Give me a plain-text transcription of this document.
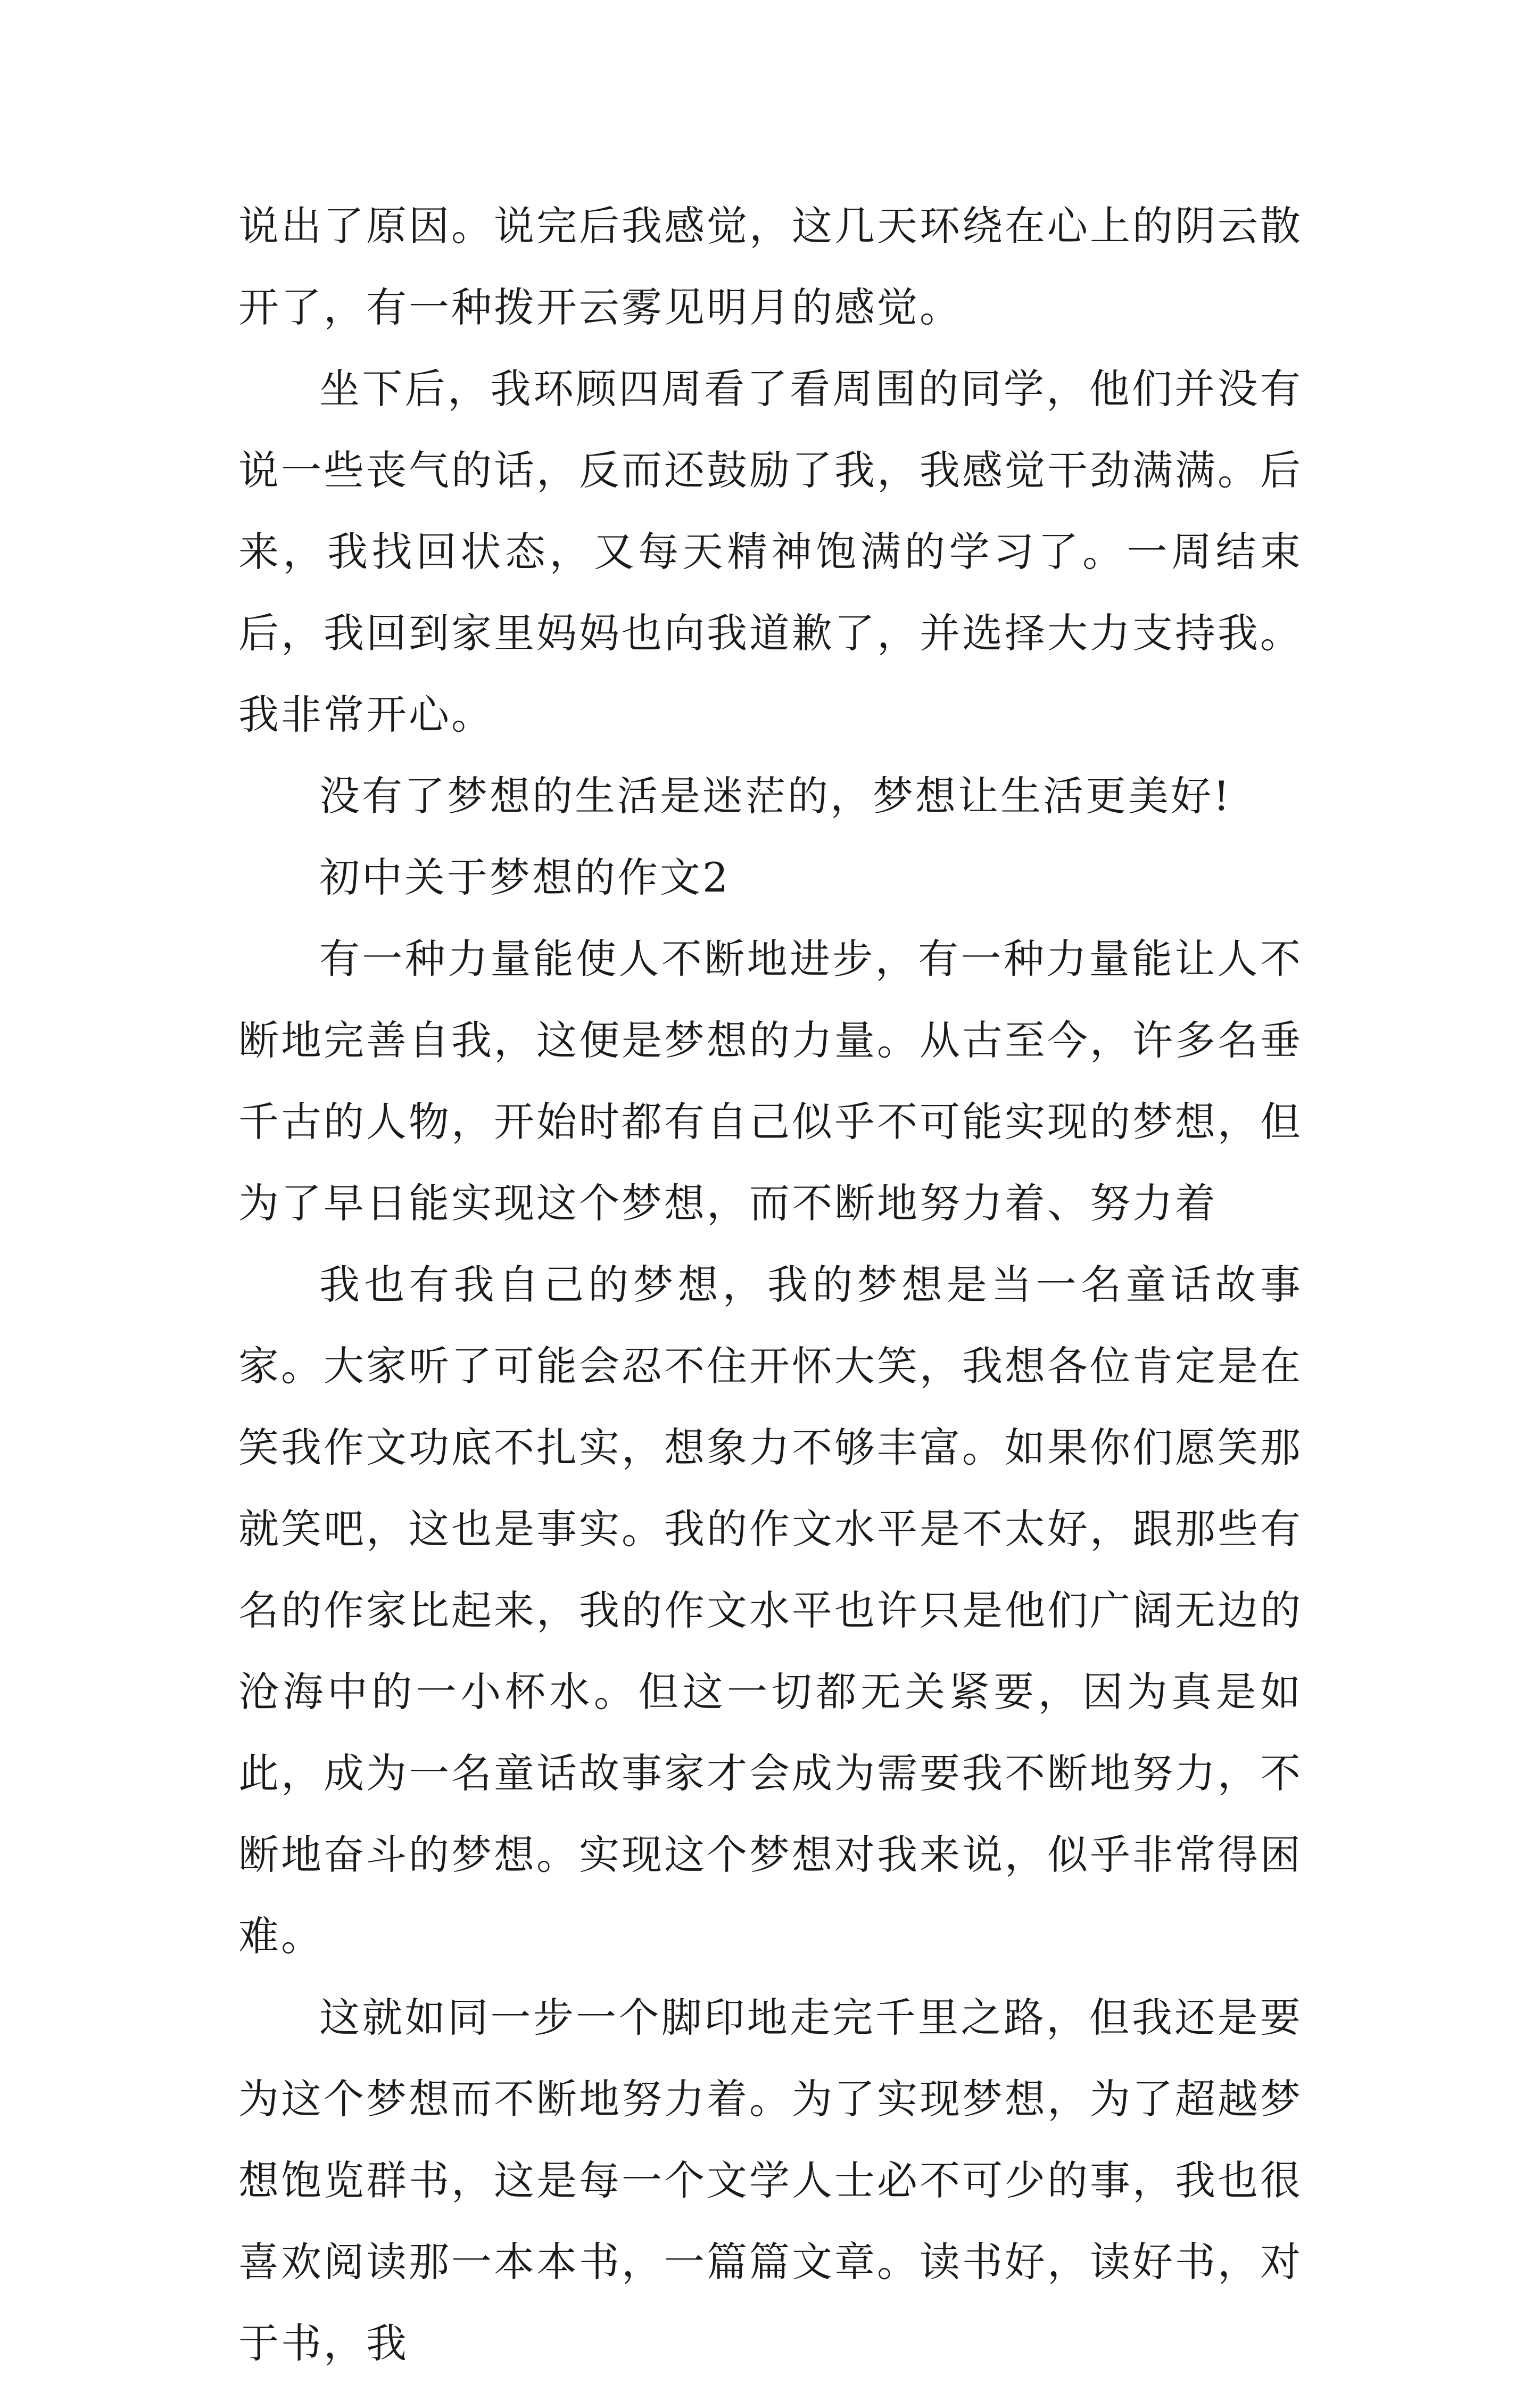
说出了原因。说完后我感觉，这几天环绕在心上的阴云散开了，有一种拨开云雾见明月的感觉。

坐下后，我环顾四周看了看周围的同学，他们并没有说一些丧气的话，反而还鼓励了我，我感觉干劲满满。后来，我找回状态，又每天精神饱满的学习了。一周结束后，我回到家里妈妈也向我道歉了，并选择大力支持我。我非常开心。

没有了梦想的生活是迷茫的，梦想让生活更美好!

初中关于梦想的作文2

有一种力量能使人不断地进步，有一种力量能让人不断地完善自我，这便是梦想的力量。从古至今，许多名垂千古的人物，开始时都有自己似乎不可能实现的梦想，但为了早日能实现这个梦想，而不断地努力着、努力着

我也有我自己的梦想，我的梦想是当一名童话故事家。大家听了可能会忍不住开怀大笑，我想各位肯定是在笑我作文功底不扎实，想象力不够丰富。如果你们愿笑那就笑吧，这也是事实。我的作文水平是不太好，跟那些有名的作家比起来，我的作文水平也许只是他们广阔无边的沧海中的一小杯水。但这一切都无关紧要，因为真是如此，成为一名童话故事家才会成为需要我不断地努力，不断地奋斗的梦想。实现这个梦想对我来说，似乎非常得困难。

这就如同一步一个脚印地走完千里之路，但我还是要为这个梦想而不断地努力着。为了实现梦想，为了超越梦想饱览群书，这是每一个文学人士必不可少的事，我也很喜欢阅读那一本本书，一篇篇文章。读书好，读好书，对于书，我
